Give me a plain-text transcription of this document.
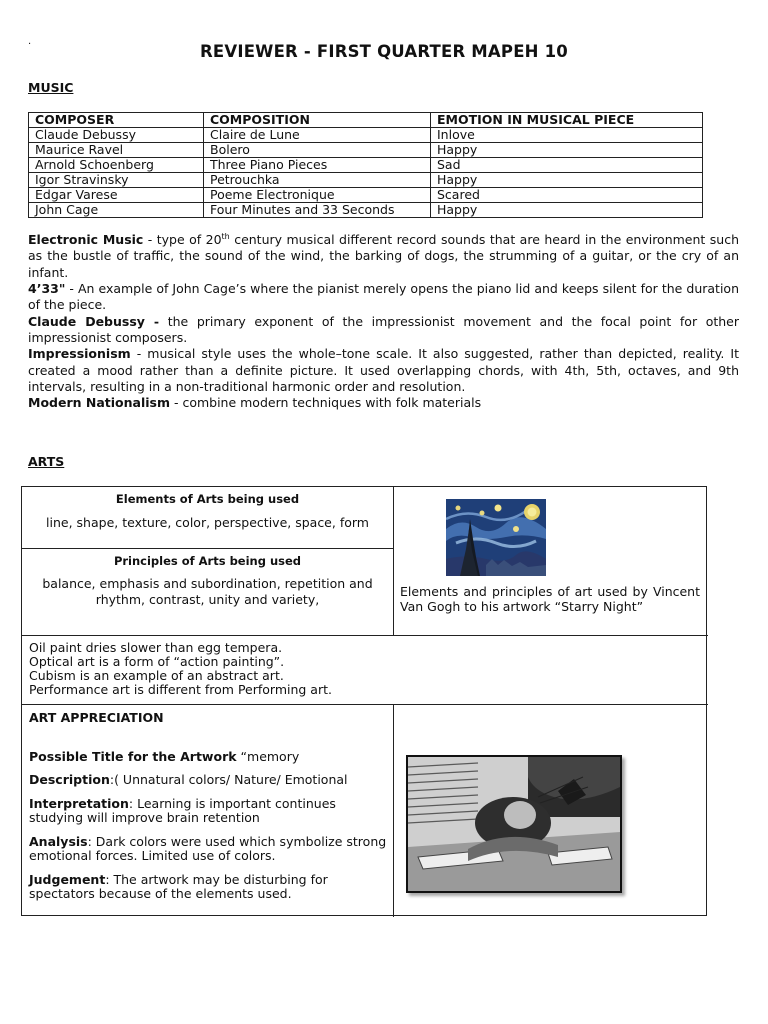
.
REVIEWER - FIRST QUARTER MAPEH 10
MUSIC
COMPOSER	COMPOSITION	EMOTION IN MUSICAL PIECE
Claude Debussy	Claire de Lune	Inlove
Maurice Ravel	Bolero	Happy
Arnold Schoenberg	Three Piano Pieces	Sad
Igor Stravinsky	Petrouchka	Happy
Edgar Varese	Poeme Electronique	Scared
John Cage	Four Minutes and 33 Seconds	Happy

Electronic Music - type of 20th century musical different record sounds that are heard in the environment such as the bustle of traffic, the sound of the wind, the barking of dogs, the strumming of a guitar, or the cry of an infant.

4’33" - An example of John Cage’s where the pianist merely opens the piano lid and keeps silent for the duration of the piece.

Claude Debussy - the primary exponent of the impressionist movement and the focal point for other impressionist composers.

Impressionism - musical style uses the whole–tone scale. It also suggested, rather than depicted, reality. It created a mood rather than a definite picture. It used overlapping chords, with 4th, 5th, octaves, and 9th intervals, resulting in a non-traditional harmonic order and resolution.

Modern Nationalism - combine modern techniques with folk materials

ARTS
Elements of Arts being used
line, shape, texture, color, perspective, space, form
Principles of Arts being used
balance, emphasis and subordination, repetition and rhythm, contrast, unity and variety,
Elements and principles of art used by Vincent Van Gogh to his artwork “Starry Night”
Oil paint dries slower than egg tempera.
Optical art is a form of “action painting”.
Cubism is an example of an abstract art.
Performance art is different from Performing art.

ART APPRECIATION

Possible Title for the Artwork “memory

Description:( Unnatural colors/ Nature/ Emotional

Interpretation: Learning is important continues studying will improve brain retention

Analysis: Dark colors were used which symbolize strong emotional forces. Limited use of colors.

Judgement: The artwork may be disturbing for spectators because of the elements used.
